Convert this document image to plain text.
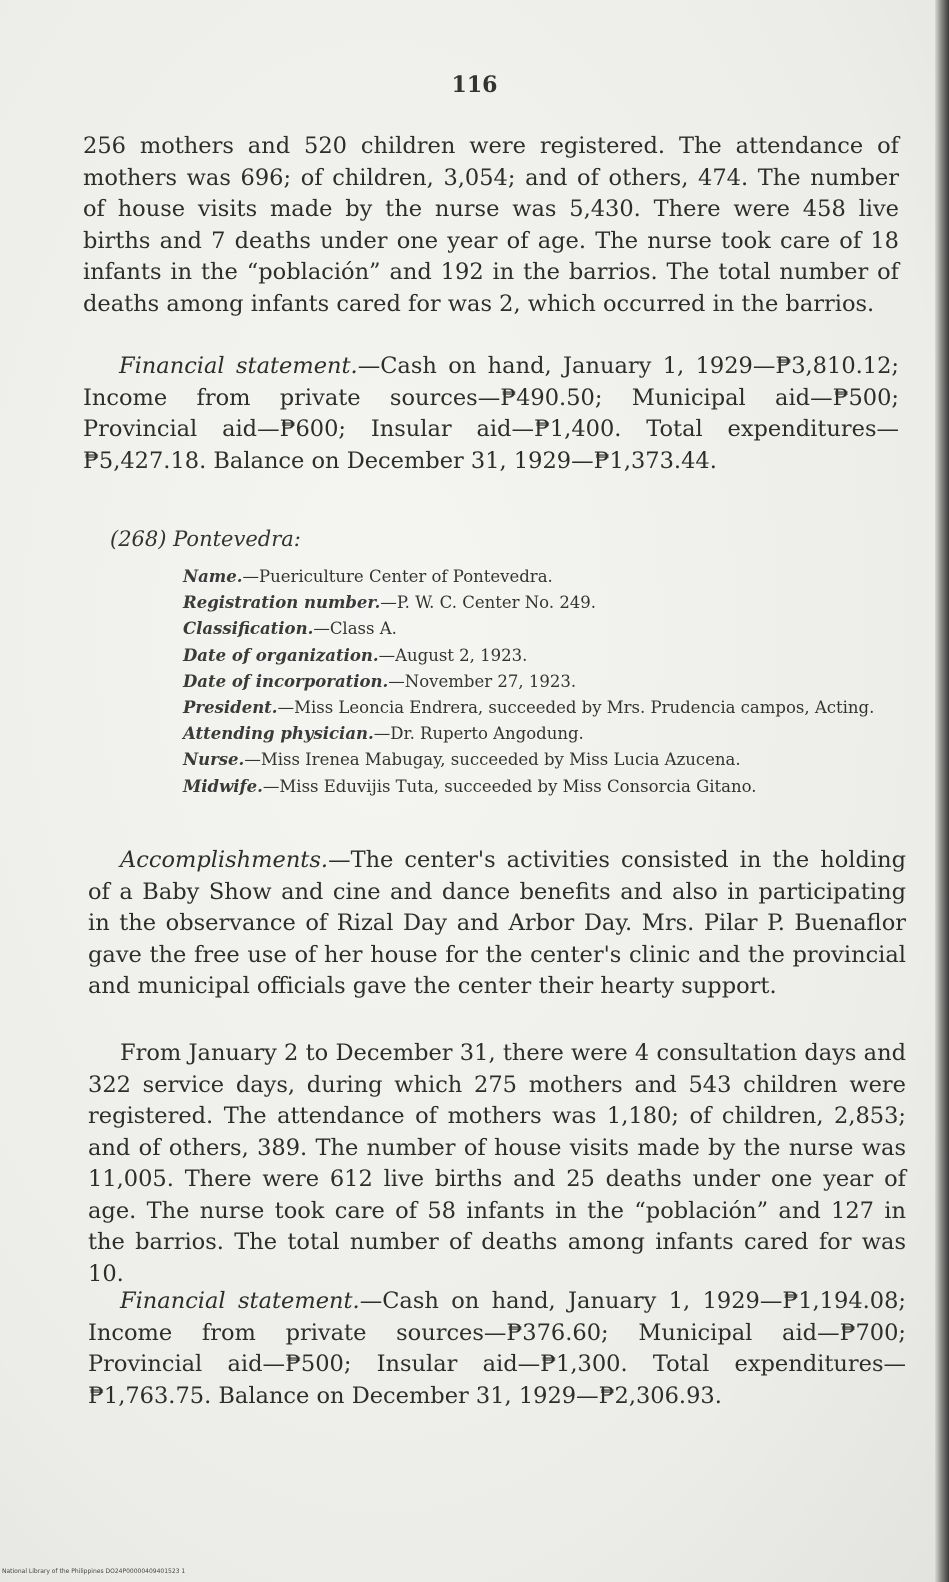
116

256 mothers and 520 children were registered. The attendance of mothers was 696; of children, 3,054; and of others, 474. The number of house visits made by the nurse was 5,430. There were 458 live births and 7 deaths under one year of age. The nurse took care of 18 infants in the “población” and 192 in the barrios. The total number of deaths among infants cared for was 2, which occurred in the barrios.

Financial statement.—Cash on hand, January 1, 1929—₱3,810.12; Income from private sources—₱490.50; Municipal aid—₱500; Provincial aid—₱600; Insular aid—₱1,400. Total expenditures—₱5,427.18. Balance on December 31, 1929—₱1,373.44.

(268) Pontevedra:
Name.—Puericulture Center of Pontevedra.
Registration number.—P. W. C. Center No. 249.
Classification.—Class A.
Date of organization.—August 2, 1923.
Date of incorporation.—November 27, 1923.
President.—Miss Leoncia Endrera, succeeded by Mrs. Prudencia campos, Acting.
Attending physician.—Dr. Ruperto Angodung.
Nurse.—Miss Irenea Mabugay, succeeded by Miss Lucia Azucena.
Midwife.—Miss Eduvijis Tuta, succeeded by Miss Consorcia Gitano.

Accomplishments.—The center's activities consisted in the holding of a Baby Show and cine and dance benefits and also in participating in the observance of Rizal Day and Arbor Day. Mrs. Pilar P. Buenaflor gave the free use of her house for the center's clinic and the provincial and municipal officials gave the center their hearty support.

From January 2 to December 31, there were 4 consultation days and 322 service days, during which 275 mothers and 543 children were registered. The attendance of mothers was 1,180; of children, 2,853; and of others, 389. The number of house visits made by the nurse was 11,005. There were 612 live births and 25 deaths under one year of age. The nurse took care of 58 infants in the “población” and 127 in the barrios. The total number of deaths among infants cared for was 10.

Financial statement.—Cash on hand, January 1, 1929—₱1,194.08; Income from private sources—₱376.60; Municipal aid—₱700; Provincial aid—₱500; Insular aid—₱1,300. Total expenditures—₱1,763.75. Balance on December 31, 1929—₱2,306.93.

National Library of the Philippines DO24P00000409401523 1
